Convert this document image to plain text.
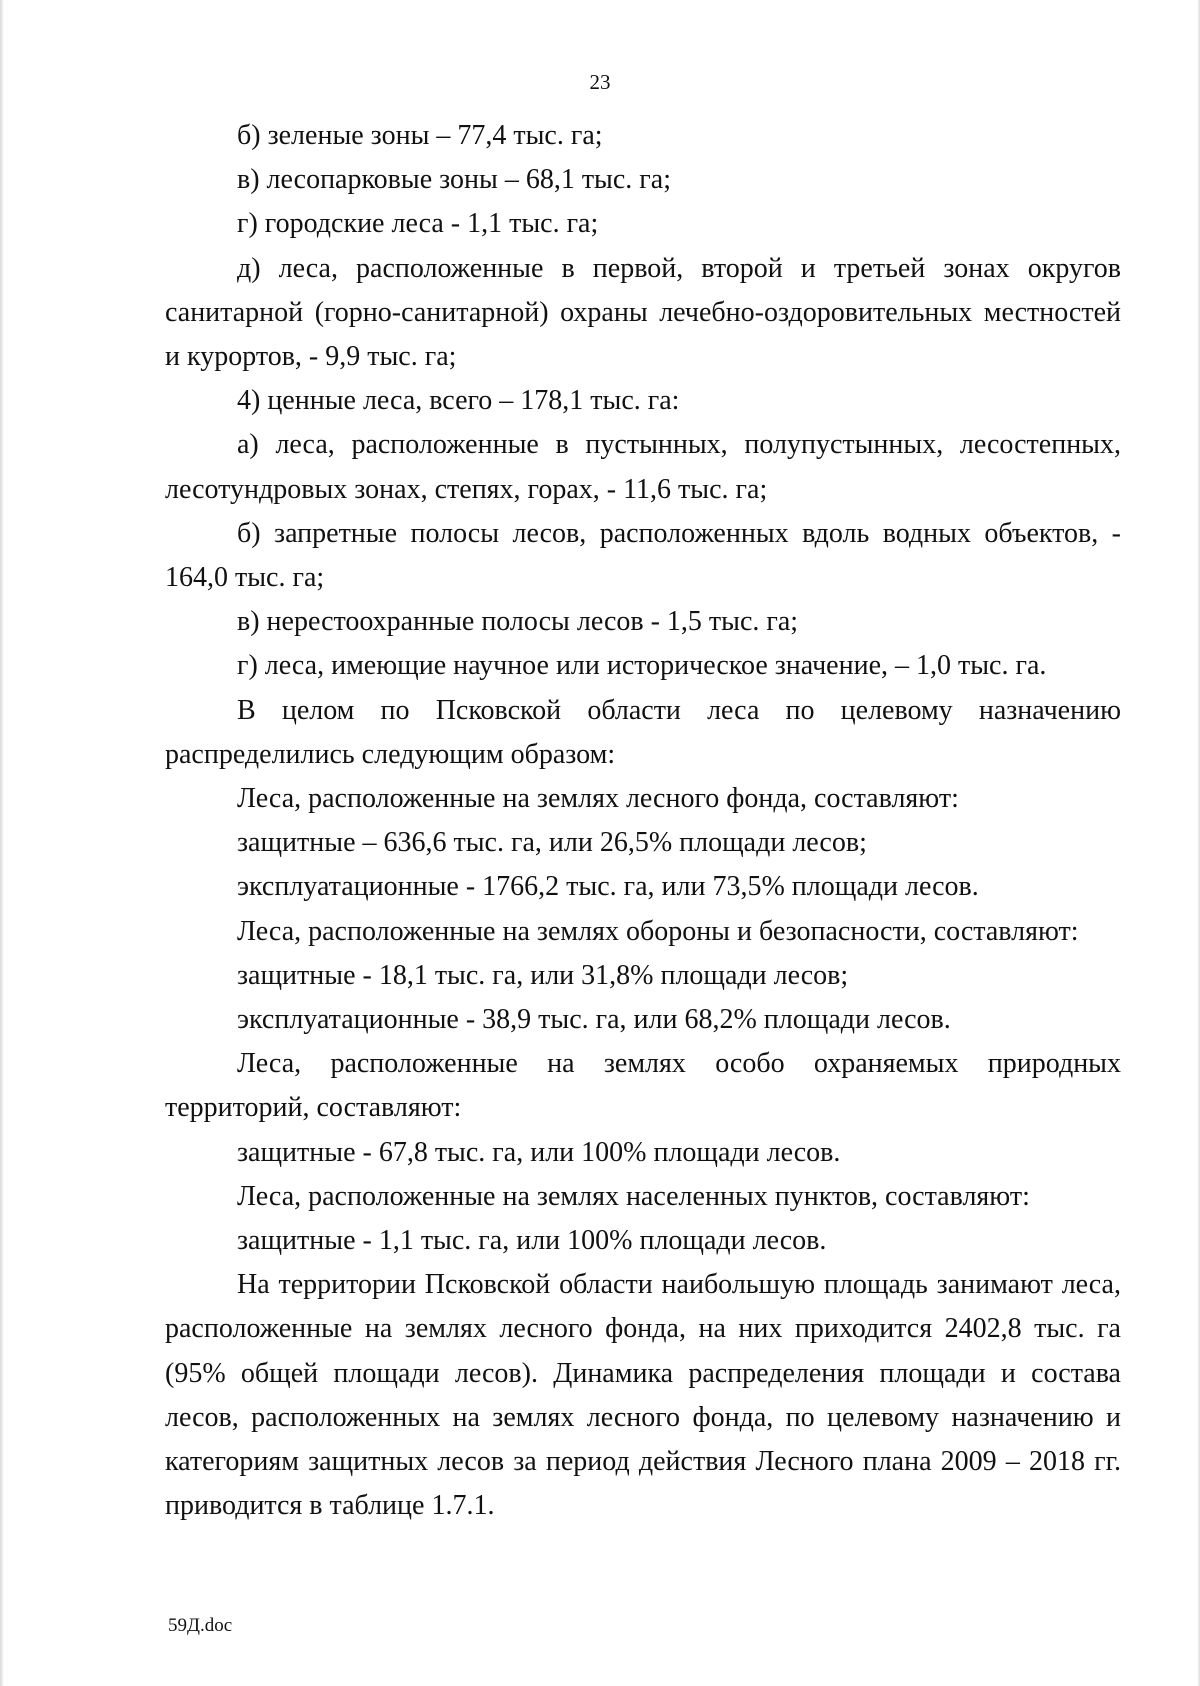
23

б) зеленые зоны – 77,4 тыс. га;

в) лесопарковые зоны – 68,1 тыс. га;

г) городские леса - 1,1 тыс. га;

д) леса, расположенные в первой, второй и третьей зонах округов санитарной (горно-санитарной) охраны лечебно-оздоровительных местностей и курортов, - 9,9 тыс. га;

4) ценные леса, всего – 178,1 тыс. га:

а) леса, расположенные в пустынных, полупустынных, лесостепных, лесотундровых зонах, степях, горах, - 11,6 тыс. га;

б) запретные полосы лесов, расположенных вдоль водных объектов, - 164,0 тыс. га;

в) нерестоохранные полосы лесов - 1,5 тыс. га;

г) леса, имеющие научное или историческое значение, – 1,0 тыс. га.

В целом по Псковской области леса по целевому назначению распределились следующим образом:

Леса, расположенные на землях лесного фонда, составляют:

защитные – 636,6 тыс. га, или 26,5% площади лесов;

эксплуатационные - 1766,2 тыс. га, или 73,5% площади лесов.

Леса, расположенные на землях обороны и безопасности, составляют:

защитные - 18,1 тыс. га, или 31,8% площади лесов;

эксплуатационные - 38,9 тыс. га, или 68,2% площади лесов.

Леса, расположенные на землях особо охраняемых природных территорий, составляют:

защитные - 67,8 тыс. га, или 100% площади лесов.

Леса, расположенные на землях населенных пунктов, составляют:

защитные - 1,1 тыс. га, или 100% площади лесов.

На территории Псковской области наибольшую площадь занимают леса, расположенные на землях лесного фонда, на них приходится 2402,8 тыс. га (95% общей площади лесов). Динамика распределения площади и состава лесов, расположенных на землях лесного фонда, по целевому назначению и категориям защитных лесов за период действия Лесного плана 2009 – 2018 гг. приводится в таблице 1.7.1.

59Д.doc
